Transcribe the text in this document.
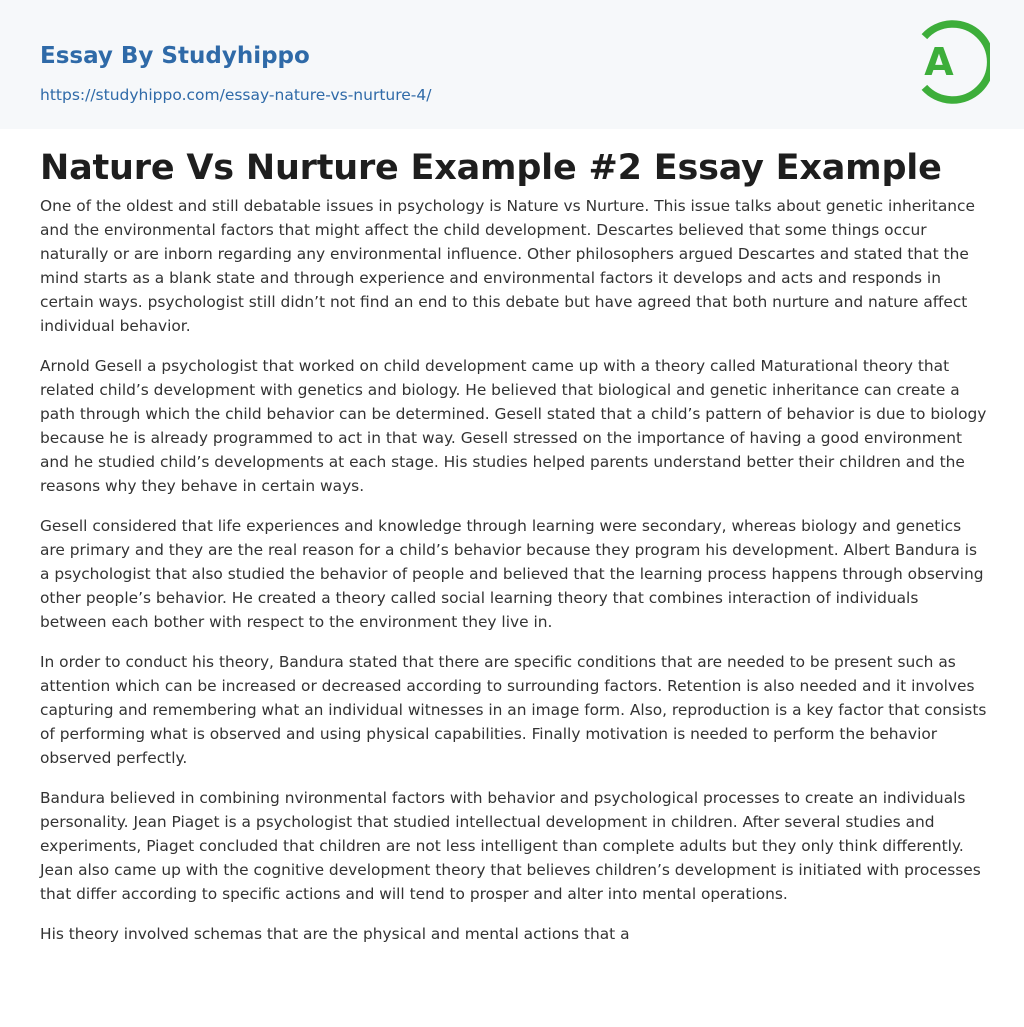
Essay By Studyhippo
https://studyhippo.com/essay-nature-vs-nurture-4/
A
Nature Vs Nurture Example #2 Essay Example

One of the oldest and still debatable issues in psychology is Nature vs Nurture. This issue talks about genetic inheritance and the environmental factors that might affect the child development. Descartes believed that some things occur naturally or are inborn regarding any environmental influence. Other philosophers argued Descartes and stated that the mind starts as a blank state and through experience and environmental factors it develops and acts and responds in certain ways. psychologist still didn’t not find an end to this debate but have agreed that both nurture and nature affect individual behavior.

Arnold Gesell a psychologist that worked on child development came up with a theory called Maturational theory that related child’s development with genetics and biology. He believed that biological and genetic inheritance can create a path through which the child behavior can be determined. Gesell stated that a child’s pattern of behavior is due to biology because he is already programmed to act in that way. Gesell stressed on the importance of having a good environment and he studied child’s developments at each stage. His studies helped parents understand better their children and the reasons why they behave in certain ways.

Gesell considered that life experiences and knowledge through learning were secondary, whereas biology and genetics are primary and they are the real reason for a child’s behavior because they program his development. Albert Bandura is a psychologist that also studied the behavior of people and believed that the learning process happens through observing other people’s behavior. He created a theory called social learning theory that combines interaction of individuals between each bother with respect to the environment they live in.

In order to conduct his theory, Bandura stated that there are specific conditions that are needed to be present such as attention which can be increased or decreased according to surrounding factors. Retention is also needed and it involves capturing and remembering what an individual witnesses in an image form. Also, reproduction is a key factor that consists of performing what is observed and using physical capabilities. Finally motivation is needed to perform the behavior observed perfectly.

Bandura believed in combining nvironmental factors with behavior and psychological processes to create an individuals personality. Jean Piaget is a psychologist that studied intellectual development in children. After several studies and experiments, Piaget concluded that children are not less intelligent than complete adults but they only think differently. Jean also came up with the cognitive development theory that believes children’s development is initiated with processes that differ according to specific actions and will tend to prosper and alter into mental operations.

His theory involved schemas that are the physical and mental actions that a
